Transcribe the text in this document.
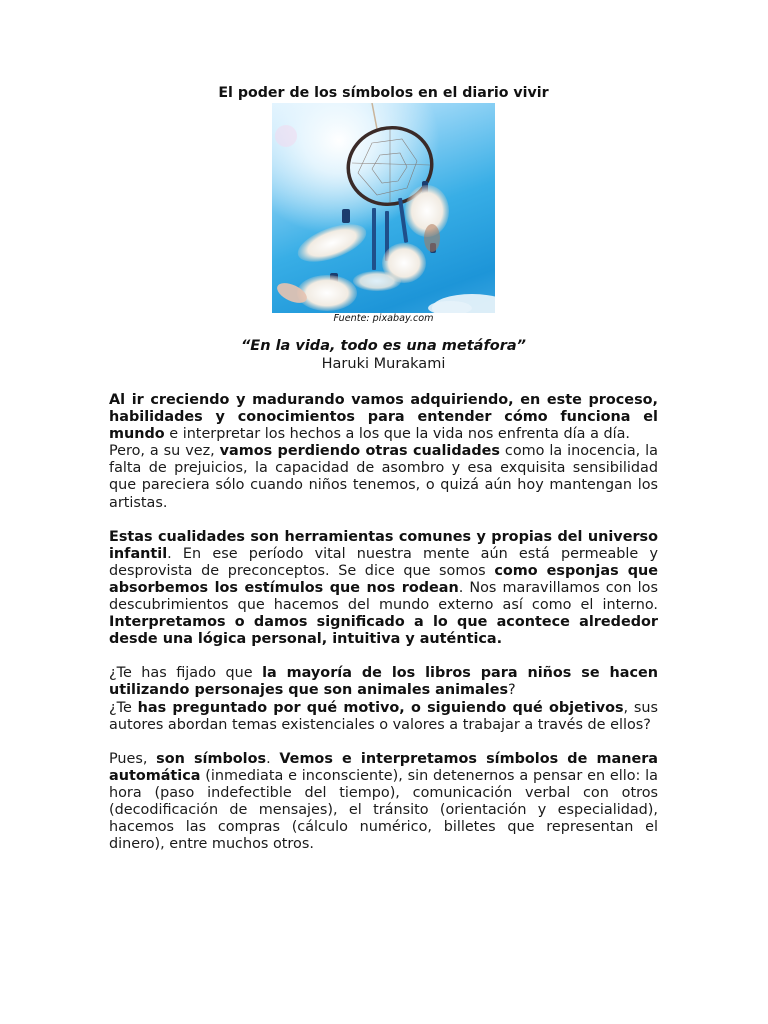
El poder de los símbolos en el diario vivir

Fuente: pixabay.com

“En la vida, todo es una metáfora”

Haruki Murakami

Al ir creciendo y madurando vamos adquiriendo, en este proceso, habilidades y conocimientos para entender cómo funciona el mundo e interpretar los hechos a los que la vida nos enfrenta día a día.

Pero, a su vez, vamos perdiendo otras cualidades como la inocencia, la falta de prejuicios, la capacidad de asombro y esa exquisita sensibilidad que pareciera sólo cuando niños tenemos, o quizá aún hoy mantengan los artistas.

Estas cualidades son herramientas comunes y propias del universo infantil. En ese período vital nuestra mente aún está permeable y desprovista de preconceptos. Se dice que somos como esponjas que absorbemos los estímulos que nos rodean. Nos maravillamos con los descubrimientos que hacemos del mundo externo así como el interno. Interpretamos o damos significado a lo que acontece alrededor desde una lógica personal, intuitiva y auténtica.

¿Te has fijado que la mayoría de los libros para niños se hacen utilizando personajes que son animales animales?

¿Te has preguntado por qué motivo, o siguiendo qué objetivos, sus autores abordan temas existenciales o valores a trabajar a través de ellos?

Pues, son símbolos. Vemos e interpretamos símbolos de manera automática (inmediata e inconsciente), sin detenernos a pensar en ello: la hora (paso indefectible del tiempo), comunicación verbal con otros (decodificación de mensajes), el tránsito (orientación y especialidad), hacemos las compras (cálculo numérico, billetes que representan el dinero), entre muchos otros.
